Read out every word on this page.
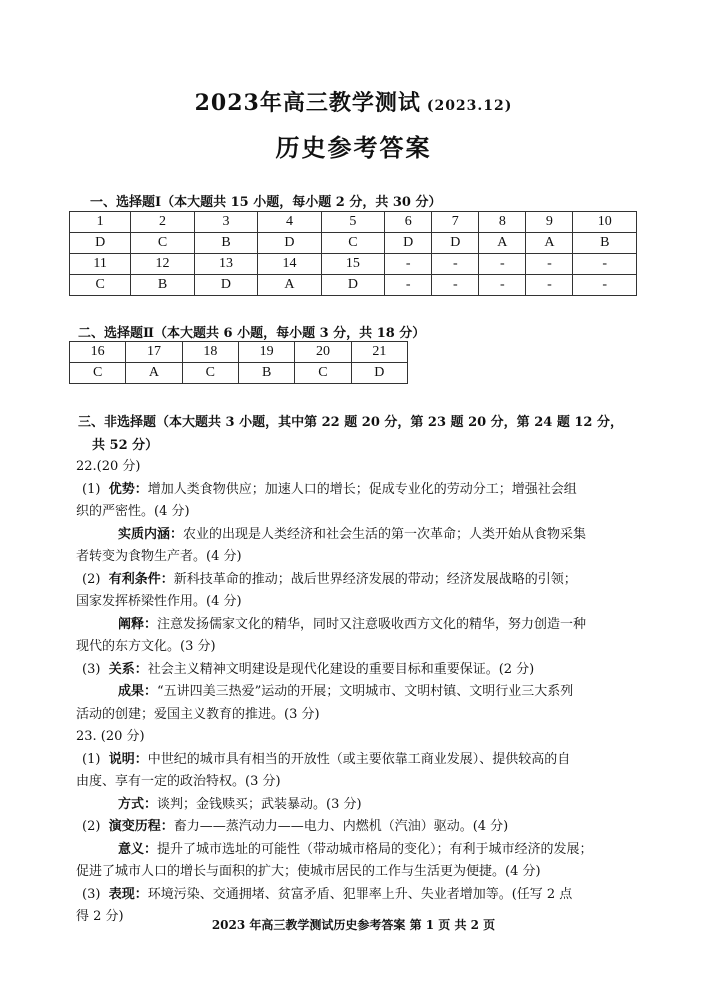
2023年高三教学测试 (2023.12)
历史参考答案
一、选择题Ⅰ（本大题共 15 小题，每小题 2 分，共 30 分）
1	2	3	4	5	6	7	8	9	10
D	C	B	D	C	D	D	A	A	B
11	12	13	14	15	-	-	-	-	-
C	B	D	A	D	-	-	-	-	-
二、选择题Ⅱ（本大题共 6 小题，每小题 3 分，共 18 分）
16	17	18	19	20	21
C	A	C	B	C	D
三、非选择题（本大题共 3 小题，其中第 22 题 20 分，第 23 题 20 分，第 24 题 12 分，
共 52 分）
22.(20 分)
(1) 优势：增加人类食物供应；加速人口的增长；促成专业化的劳动分工；增强社会组
织的严密性。(4 分)
实质内涵：农业的出现是人类经济和社会生活的第一次革命；人类开始从食物采集
者转变为食物生产者。(4 分)
(2) 有利条件：新科技革命的推动；战后世界经济发展的带动；经济发展战略的引领；
国家发挥桥梁性作用。(4 分)
阐释：注意发扬儒家文化的精华，同时又注意吸收西方文化的精华，努力创造一种
现代的东方文化。(3 分)
(3) 关系：社会主义精神文明建设是现代化建设的重要目标和重要保证。(2 分)
成果：“五讲四美三热爱”运动的开展；文明城市、文明村镇、文明行业三大系列
活动的创建；爱国主义教育的推进。(3 分)
23. (20 分)
(1) 说明：中世纪的城市具有相当的开放性（或主要依靠工商业发展）、提供较高的自
由度、享有一定的政治特权。(3 分)
方式：谈判；金钱赎买；武装暴动。(3 分)
(2) 演变历程：畜力——蒸汽动力——电力、内燃机（汽油）驱动。(4 分)
意义：提升了城市选址的可能性（带动城市格局的变化）；有利于城市经济的发展；
促进了城市人口的增长与面积的扩大；使城市居民的工作与生活更为便捷。(4 分)
(3) 表现：环境污染、交通拥堵、贫富矛盾、犯罪率上升、失业者增加等。(任写 2 点
得 2 分)
2023 年高三教学测试历史参考答案 第 1 页 共 2 页
